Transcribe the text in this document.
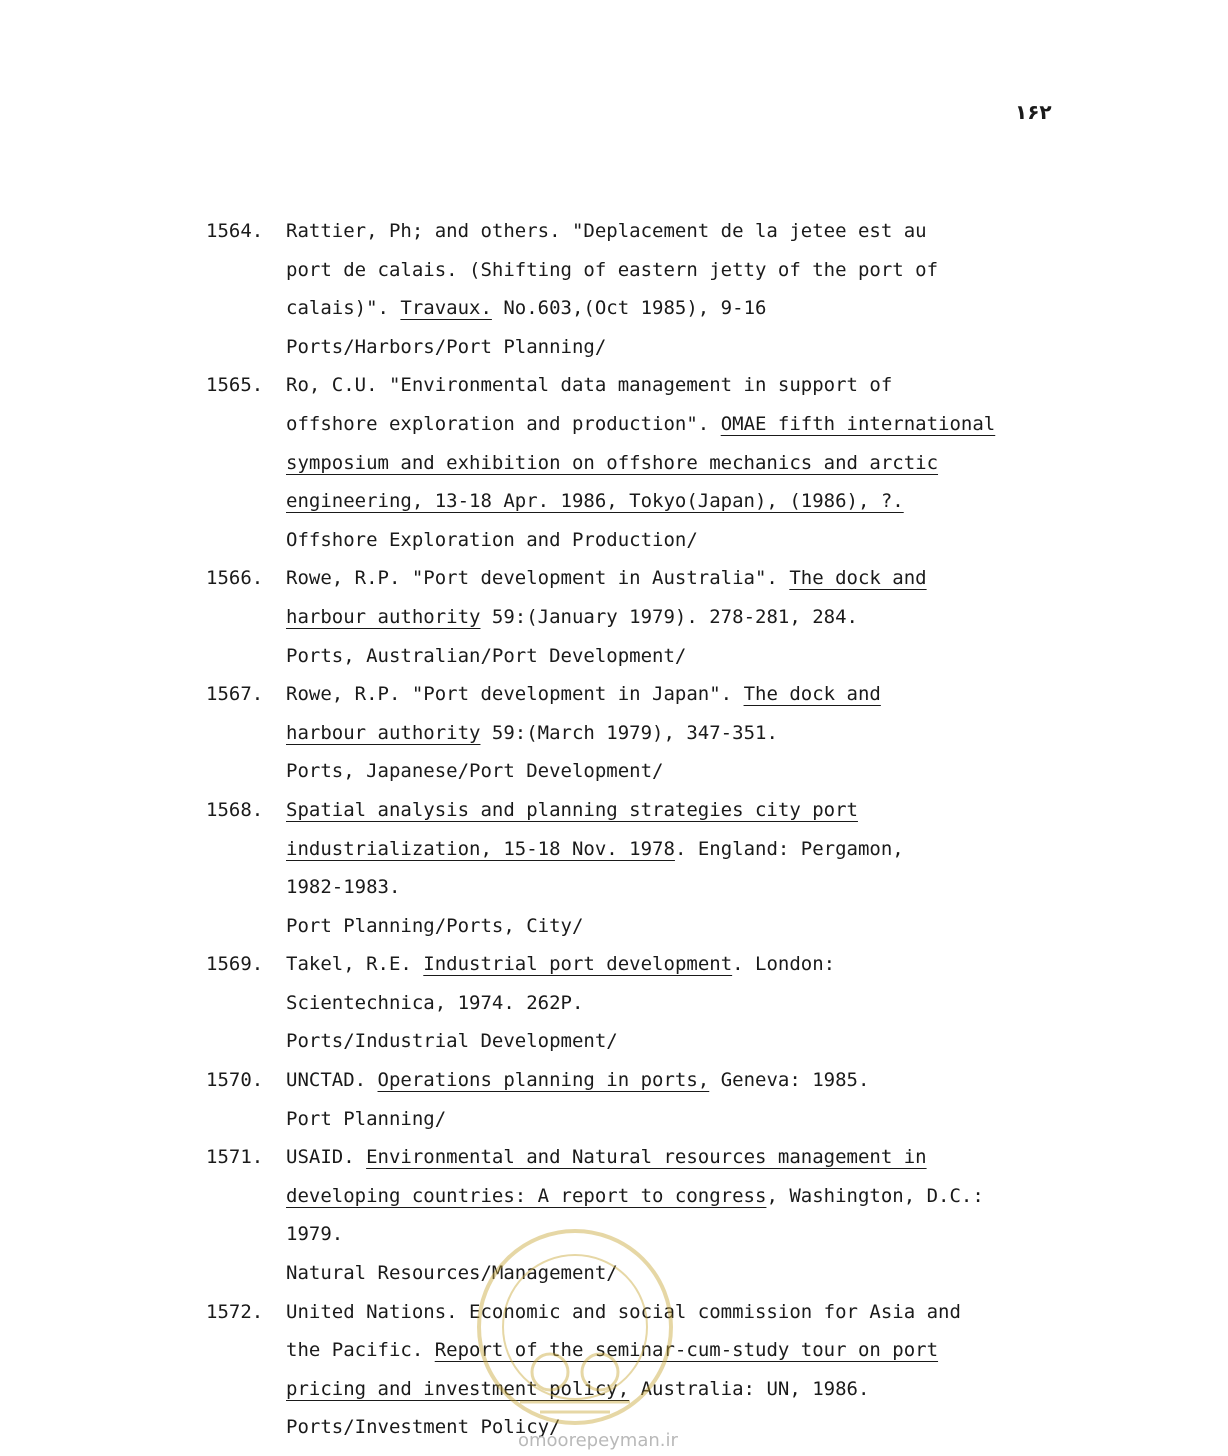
۱۶۲
1564. Rattier, Ph; and others. "Deplacement de la jetee est au
port de calais. (Shifting of eastern jetty of the port of
calais)". Travaux. No.603,(Oct 1985), 9-16
Ports/Harbors/Port Planning/
1565. Ro, C.U. "Environmental data management in support of
offshore exploration and production". OMAE fifth international
symposium and exhibition on offshore mechanics and arctic
engineering, 13-18 Apr. 1986, Tokyo(Japan), (1986), ?.
Offshore Exploration and Production/
1566. Rowe, R.P. "Port development in Australia". The dock and
harbour authority 59:(January 1979). 278-281, 284.
Ports, Australian/Port Development/
1567. Rowe, R.P. "Port development in Japan". The dock and
harbour authority 59:(March 1979), 347-351.
Ports, Japanese/Port Development/
1568. Spatial analysis and planning strategies city port
industrialization, 15-18 Nov. 1978. England: Pergamon,
1982-1983.
Port Planning/Ports, City/
1569. Takel, R.E. Industrial port development. London:
Scientechnica, 1974. 262P.
Ports/Industrial Development/
1570. UNCTAD. Operations planning in ports, Geneva: 1985.
Port Planning/
1571. USAID. Environmental and Natural resources management in
developing countries: A report to congress, Washington, D.C.:
1979.
Natural Resources/Management/
1572. United Nations. Economic and social commission for Asia and
the Pacific. Report of the seminar-cum-study tour on port
pricing and investment policy, Australia: UN, 1986.
Ports/Investment Policy/
omoorepeyman.ir
